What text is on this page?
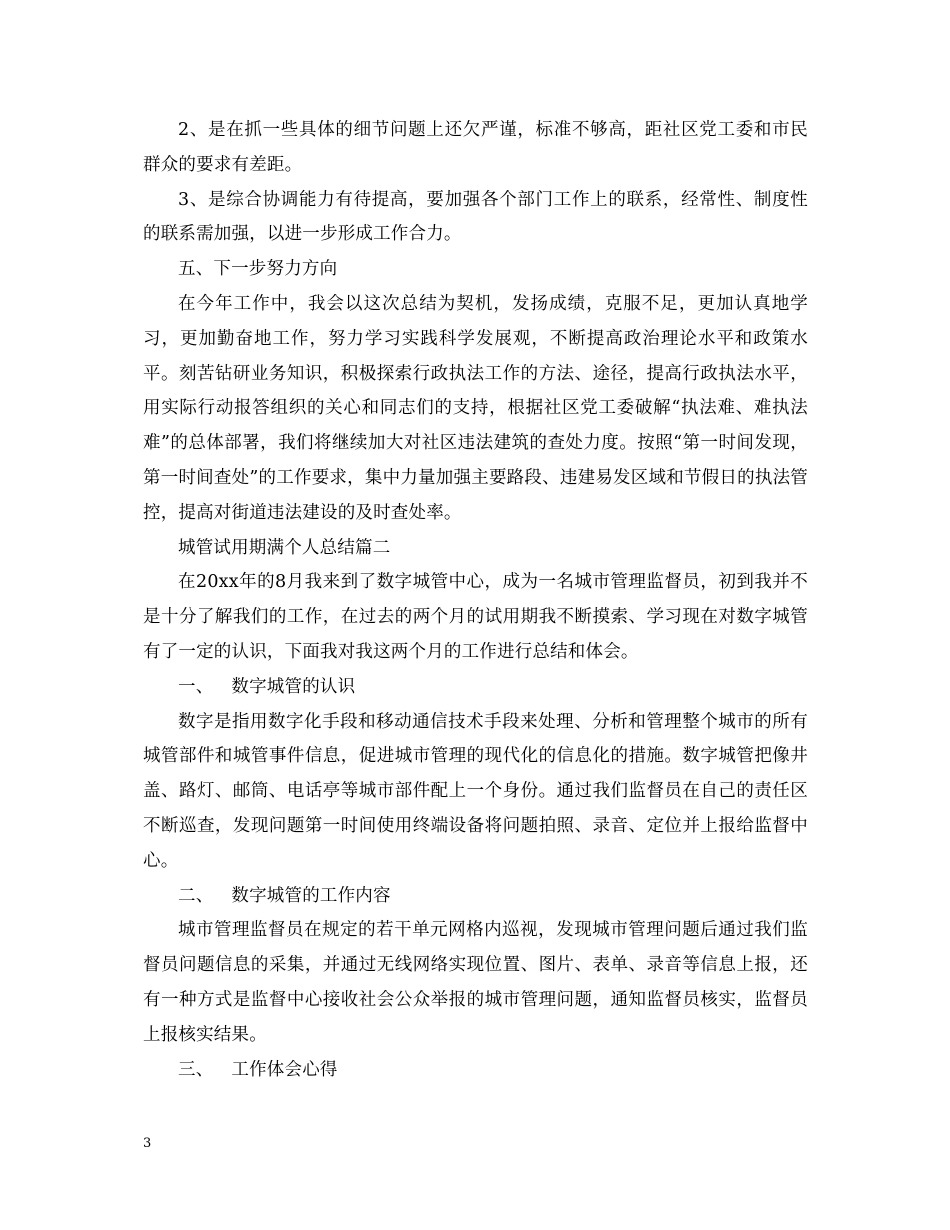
2、是在抓一些具体的细节问题上还欠严谨，标准不够高，距社区党工委和市民群众的要求有差距。

3、是综合协调能力有待提高，要加强各个部门工作上的联系，经常性、制度性的联系需加强，以进一步形成工作合力。

五、下一步努力方向

在今年工作中，我会以这次总结为契机，发扬成绩，克服不足，更加认真地学习，更加勤奋地工作，努力学习实践科学发展观，不断提高政治理论水平和政策水平。刻苦钻研业务知识，积极探索行政执法工作的方法、途径，提高行政执法水平，用实际行动报答组织的关心和同志们的支持，根据社区党工委破解“执法难、难执法难”的总体部署，我们将继续加大对社区违法建筑的查处力度。按照“第一时间发现，第一时间查处”的工作要求，集中力量加强主要路段、违建易发区域和节假日的执法管控，提高对街道违法建设的及时查处率。

城管试用期满个人总结篇二

在20xx年的8月我来到了数字城管中心，成为一名城市管理监督员，初到我并不是十分了解我们的工作，在过去的两个月的试用期我不断摸索、学习现在对数字城管有了一定的认识，下面我对我这两个月的工作进行总结和体会。

一、 数字城管的认识

数字是指用数字化手段和移动通信技术手段来处理、分析和管理整个城市的所有城管部件和城管事件信息，促进城市管理的现代化的信息化的措施。数字城管把像井盖、路灯、邮筒、电话亭等城市部件配上一个身份。通过我们监督员在自己的责任区不断巡查，发现问题第一时间使用终端设备将问题拍照、录音、定位并上报给监督中心。

二、 数字城管的工作内容

城市管理监督员在规定的若干单元网格内巡视，发现城市管理问题后通过我们监督员问题信息的采集，并通过无线网络实现位置、图片、表单、录音等信息上报，还有一种方式是监督中心接收社会公众举报的城市管理问题，通知监督员核实，监督员上报核实结果。

三、 工作体会心得

3
